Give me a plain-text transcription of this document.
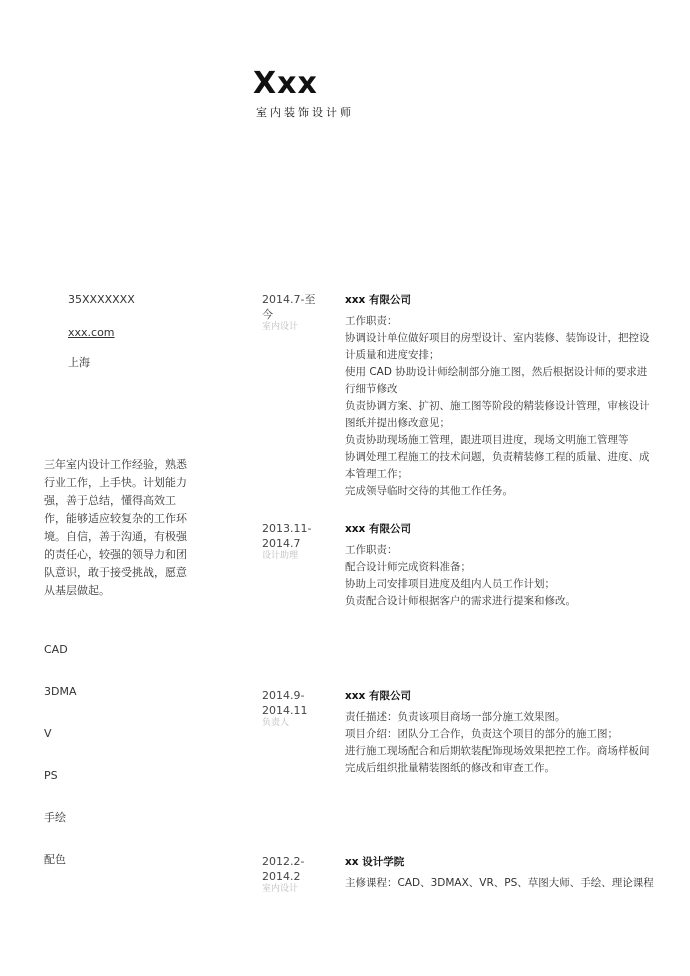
Xxx
室内装饰设计师
35XXXXXXX
xxx.com
上海
三年室内设计工作经验，熟悉行业工作，上手快。计划能力强，善于总结，懂得高效工作，能够适应较复杂的工作环境。自信，善于沟通，有极强的责任心，较强的领导力和团队意识，敢于接受挑战，愿意从基层做起。
CAD
3DMA
V
PS
手绘
配色
2014.7-至今
室内设计
xxx 有限公司
工作职责：
协调设计单位做好项目的房型设计、室内装修、装饰设计，把控设计质量和进度安排；
使用 CAD 协助设计师绘制部分施工图，然后根据设计师的要求进行细节修改
负责协调方案、扩初、施工图等阶段的精装修设计管理，审核设计图纸并提出修改意见；
负责协助现场施工管理，跟进项目进度，现场文明施工管理等
协调处理工程施工的技术问题，负责精装修工程的质量、进度、成本管理工作；
完成领导临时交待的其他工作任务。
2013.11-2014.7
设计助理
xxx 有限公司
工作职责：
配合设计师完成资料准备；
协助上司安排项目进度及组内人员工作计划；
负责配合设计师根据客户的需求进行提案和修改。
2014.9-2014.11
负责人
xxx 有限公司
责任描述：负责该项目商场一部分施工效果图。
项目介绍：团队分工合作，负责这个项目的部分的施工图；
进行施工现场配合和后期软装配饰现场效果把控工作。商场样板间完成后组织批量精装图纸的修改和审查工作。
2012.2-2014.2
室内设计
xx 设计学院
主修课程：CAD、3DMAX、VR、PS、草图大师、手绘、理论课程
